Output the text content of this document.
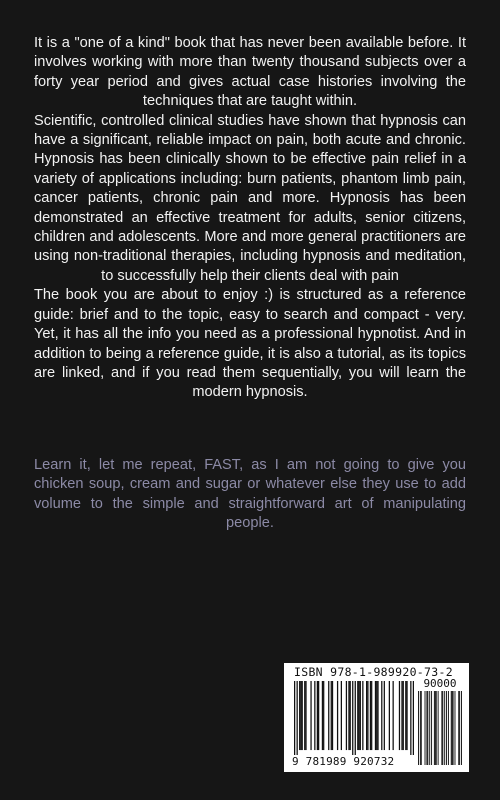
It is a "one of a kind" book that has never been available before. It involves working with more than twenty thousand subjects over a forty year period and gives actual case histories involving the techniques that are taught within.

Scientific, controlled clinical studies have shown that hypnosis can have a significant, reliable impact on pain, both acute and chronic. Hypnosis has been clinically shown to be effective pain relief in a variety of applications including: burn patients, phantom limb pain, cancer patients, chronic pain and more. Hypnosis has been demonstrated an effective treatment for adults, senior citizens, children and adolescents. More and more general practitioners are using non-traditional therapies, including hypnosis and meditation, to successfully help their clients deal with pain

The book you are about to enjoy :) is structured as a reference guide: brief and to the topic, easy to search and compact - very. Yet, it has all the info you need as a professional hypnotist. And in addition to being a reference guide, it is also a tutorial, as its topics are linked, and if you read them sequentially, you will learn the modern hypnosis.

Learn it, let me repeat, FAST, as I am not going to give you chicken soup, cream and sugar or whatever else they use to add volume to the simple and straightforward art of manipulating people.

ISBN 978-1-989920-73-2
90000
9 781989 920732
